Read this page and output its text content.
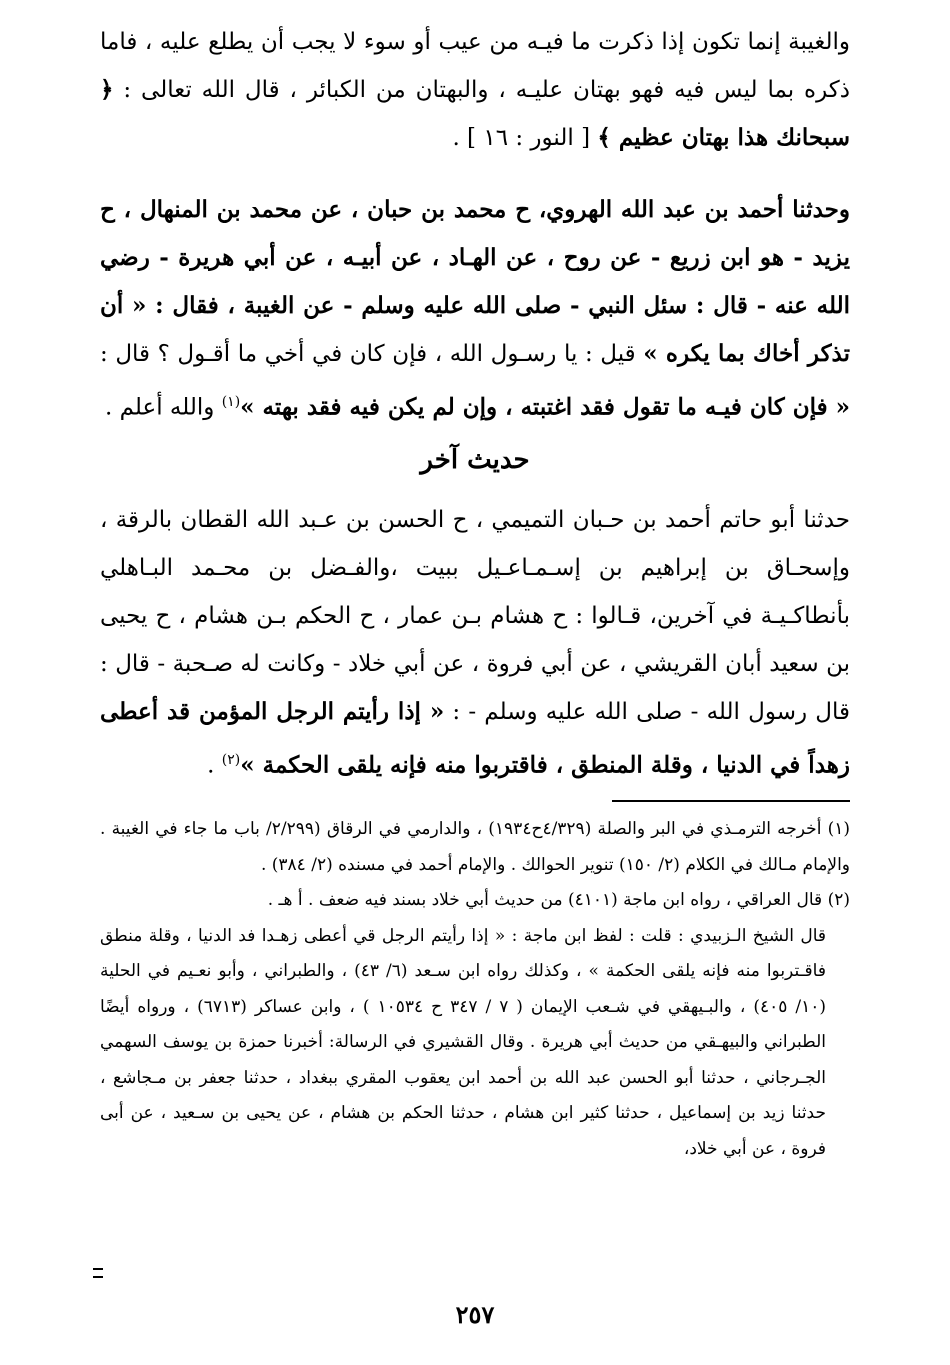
والغيبة إنما تكون إذا ذكرت ما فيـه من عيب أو سوء لا يجب أن يطلع عليه ، فاما ذكره بما ليس فيه فهو بهتان عليـه ، والبهتان من الكبائر ، قال الله تعالى : ﴿ سبحانك هذا بهتان عظيم ﴾ [ النور : ١٦ ] .

وحدثنا أحمد بن عبد الله الهروي، ح محمد بن حبان ، عن محمد بن المنهال ، ح يزيد - هو ابن زريع - عن روح ، عن الهـاد ، عن أبيـه ، عن أبي هريرة - رضي الله عنه - قال : سئل النبي - صلى الله عليه وسلم - عن الغيبة ، فقال : « أن تذكر أخاك بما يكره » قيل : يا رسـول الله ، فإن كان في أخي ما أقـول ؟ قال : « فإن كان فيـه ما تقول فقد اغتبته ، وإن لم يكن فيه فقد بهته »$^{(١)}$ والله أعلم .

حديث آخر

حدثنا أبو حاتم أحمد بن حـبان التميمي ، ح الحسن بن عـبد الله القطان بالرقة ، وإسحـاق بن إبراهيم بن إسـمـاعـيل ببيت ،والفـضل بن محـمد البـاهلي بأنطاكـيـة في آخرين، قـالوا : ح هشام بـن عمار ، ح الحكم بـن هشام ، ح يحيى بن سعيد أبان القريشي ، عن أبي فروة ، عن أبي خلاد - وكانت له صـحبة - قال : قال رسول الله - صلى الله عليه وسلم - : « إذا رأيتم الرجل المؤمن قد أعطى زهداً في الدنيا ، وقلة المنطق ، فاقتربوا منه فإنه يلقى الحكمة »$^{(٢)}$ .

(١) أخرجه الترمـذي في البر والصلة (٤/٣٢٩ح١٩٣٤) ، والدارمي في الرقاق (٢/٢٩٩/ باب ما جاء في الغيبة . والإمام مـالك في الكلام (٢/ ١٥٠) تنوير الحوالك . والإمام أحمد في مسنده (٢/ ٣٨٤) .

(٢) قال العراقي ، رواه ابن ماجة (٤١٠١) من حديث أبي خلاد بسند فيه ضعف . أ هـ .

قال الشيخ الـزبيدي : قلت : لفظ ابن ماجة : « إذا رأيتم الرجل قي أعطى زهـدا فد الدنيا ، وقلة منطق فاقـتربوا منه فإنه يلقى الحكمة » ، وكذلك رواه ابن سـعد (٦/ ٤٣) ، والطبراني ، وأبو نعـيم في الحلية (١٠/ ٤٠٥) ، والبـيهقي في شـعب الإيمان ( ٧ / ٣٤٧ ح ١٠٥٣٤ ) ، وابن عساكر (٦٧١٣) ، ورواه أيضًا الطبراني والبيهـقي من حديث أبي هريرة . وقال القشيري في الرسالة: أخبرنا حمزة بن يوسف السهمي الجـرجاني ، حدثنا أبو الحسن عبد الله بن أحمد ابن يعقوب المقري ببغداد ، حدثنا جعفر بن مـجاشع ، حدثنا زيد بن إسماعيل ، حدثنا كثير ابن هشام ، حدثنا الحكم بن هشام ، عن يحيى بن سـعيد ، عن أبى فروة ، عن أبي خلاد،

٢٥٧
